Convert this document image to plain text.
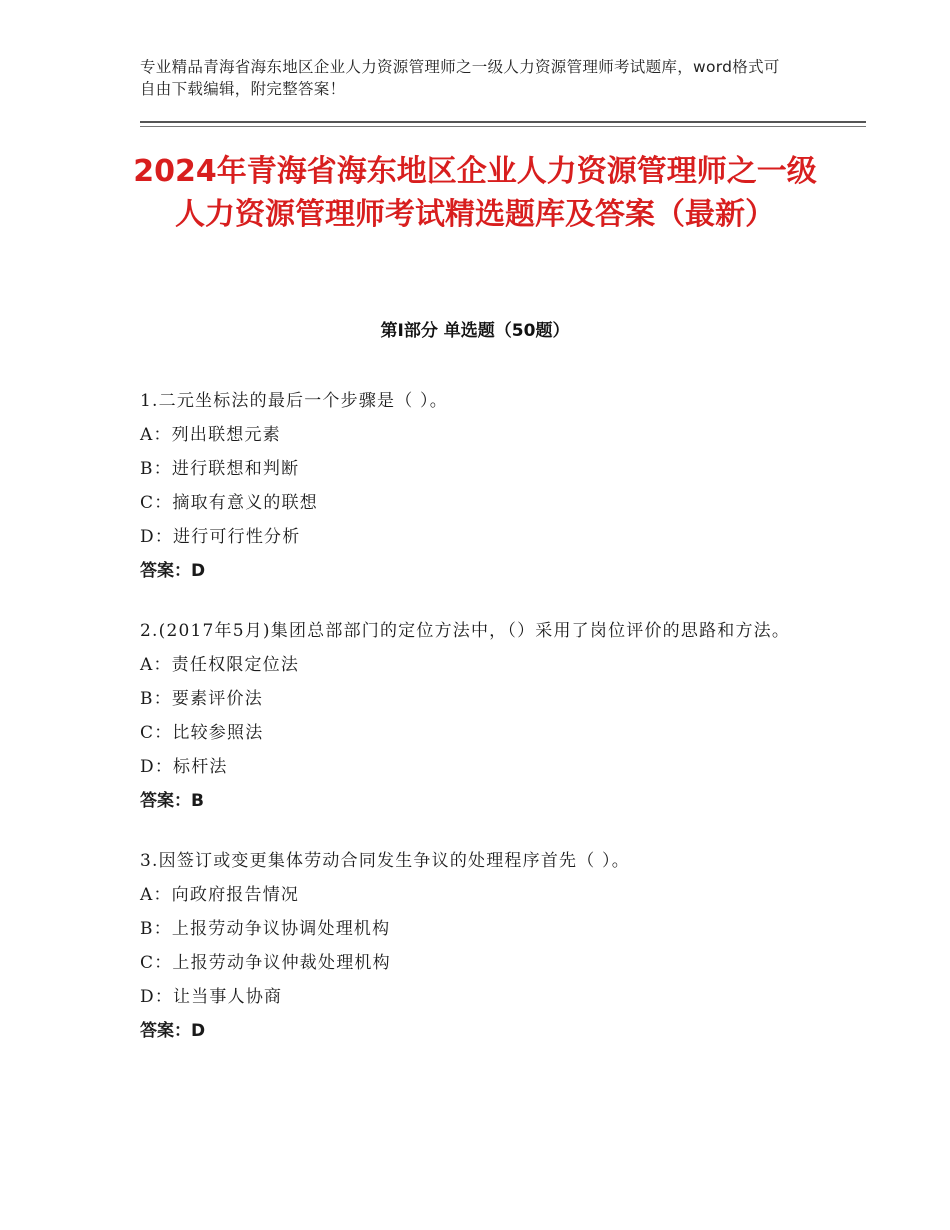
专业精品青海省海东地区企业人力资源管理师之一级人力资源管理师考试题库，word格式可自由下载编辑，附完整答案！
2024年青海省海东地区企业人力资源管理师之一级人力资源管理师考试精选题库及答案（最新）
第Ⅰ部分 单选题（50题）

1.二元坐标法的最后一个步骤是（ ）。

A：列出联想元素

B：进行联想和判断

C：摘取有意义的联想

D：进行可行性分析

答案：D

2.(2017年5月)集团总部部门的定位方法中，（）采用了岗位评价的思路和方法。

A：责任权限定位法

B：要素评价法

C：比较参照法

D：标杆法

答案：B

3.因签订或变更集体劳动合同发生争议的处理程序首先（ ）。

A：向政府报告情况

B：上报劳动争议协调处理机构

C：上报劳动争议仲裁处理机构

D：让当事人协商

答案：D
